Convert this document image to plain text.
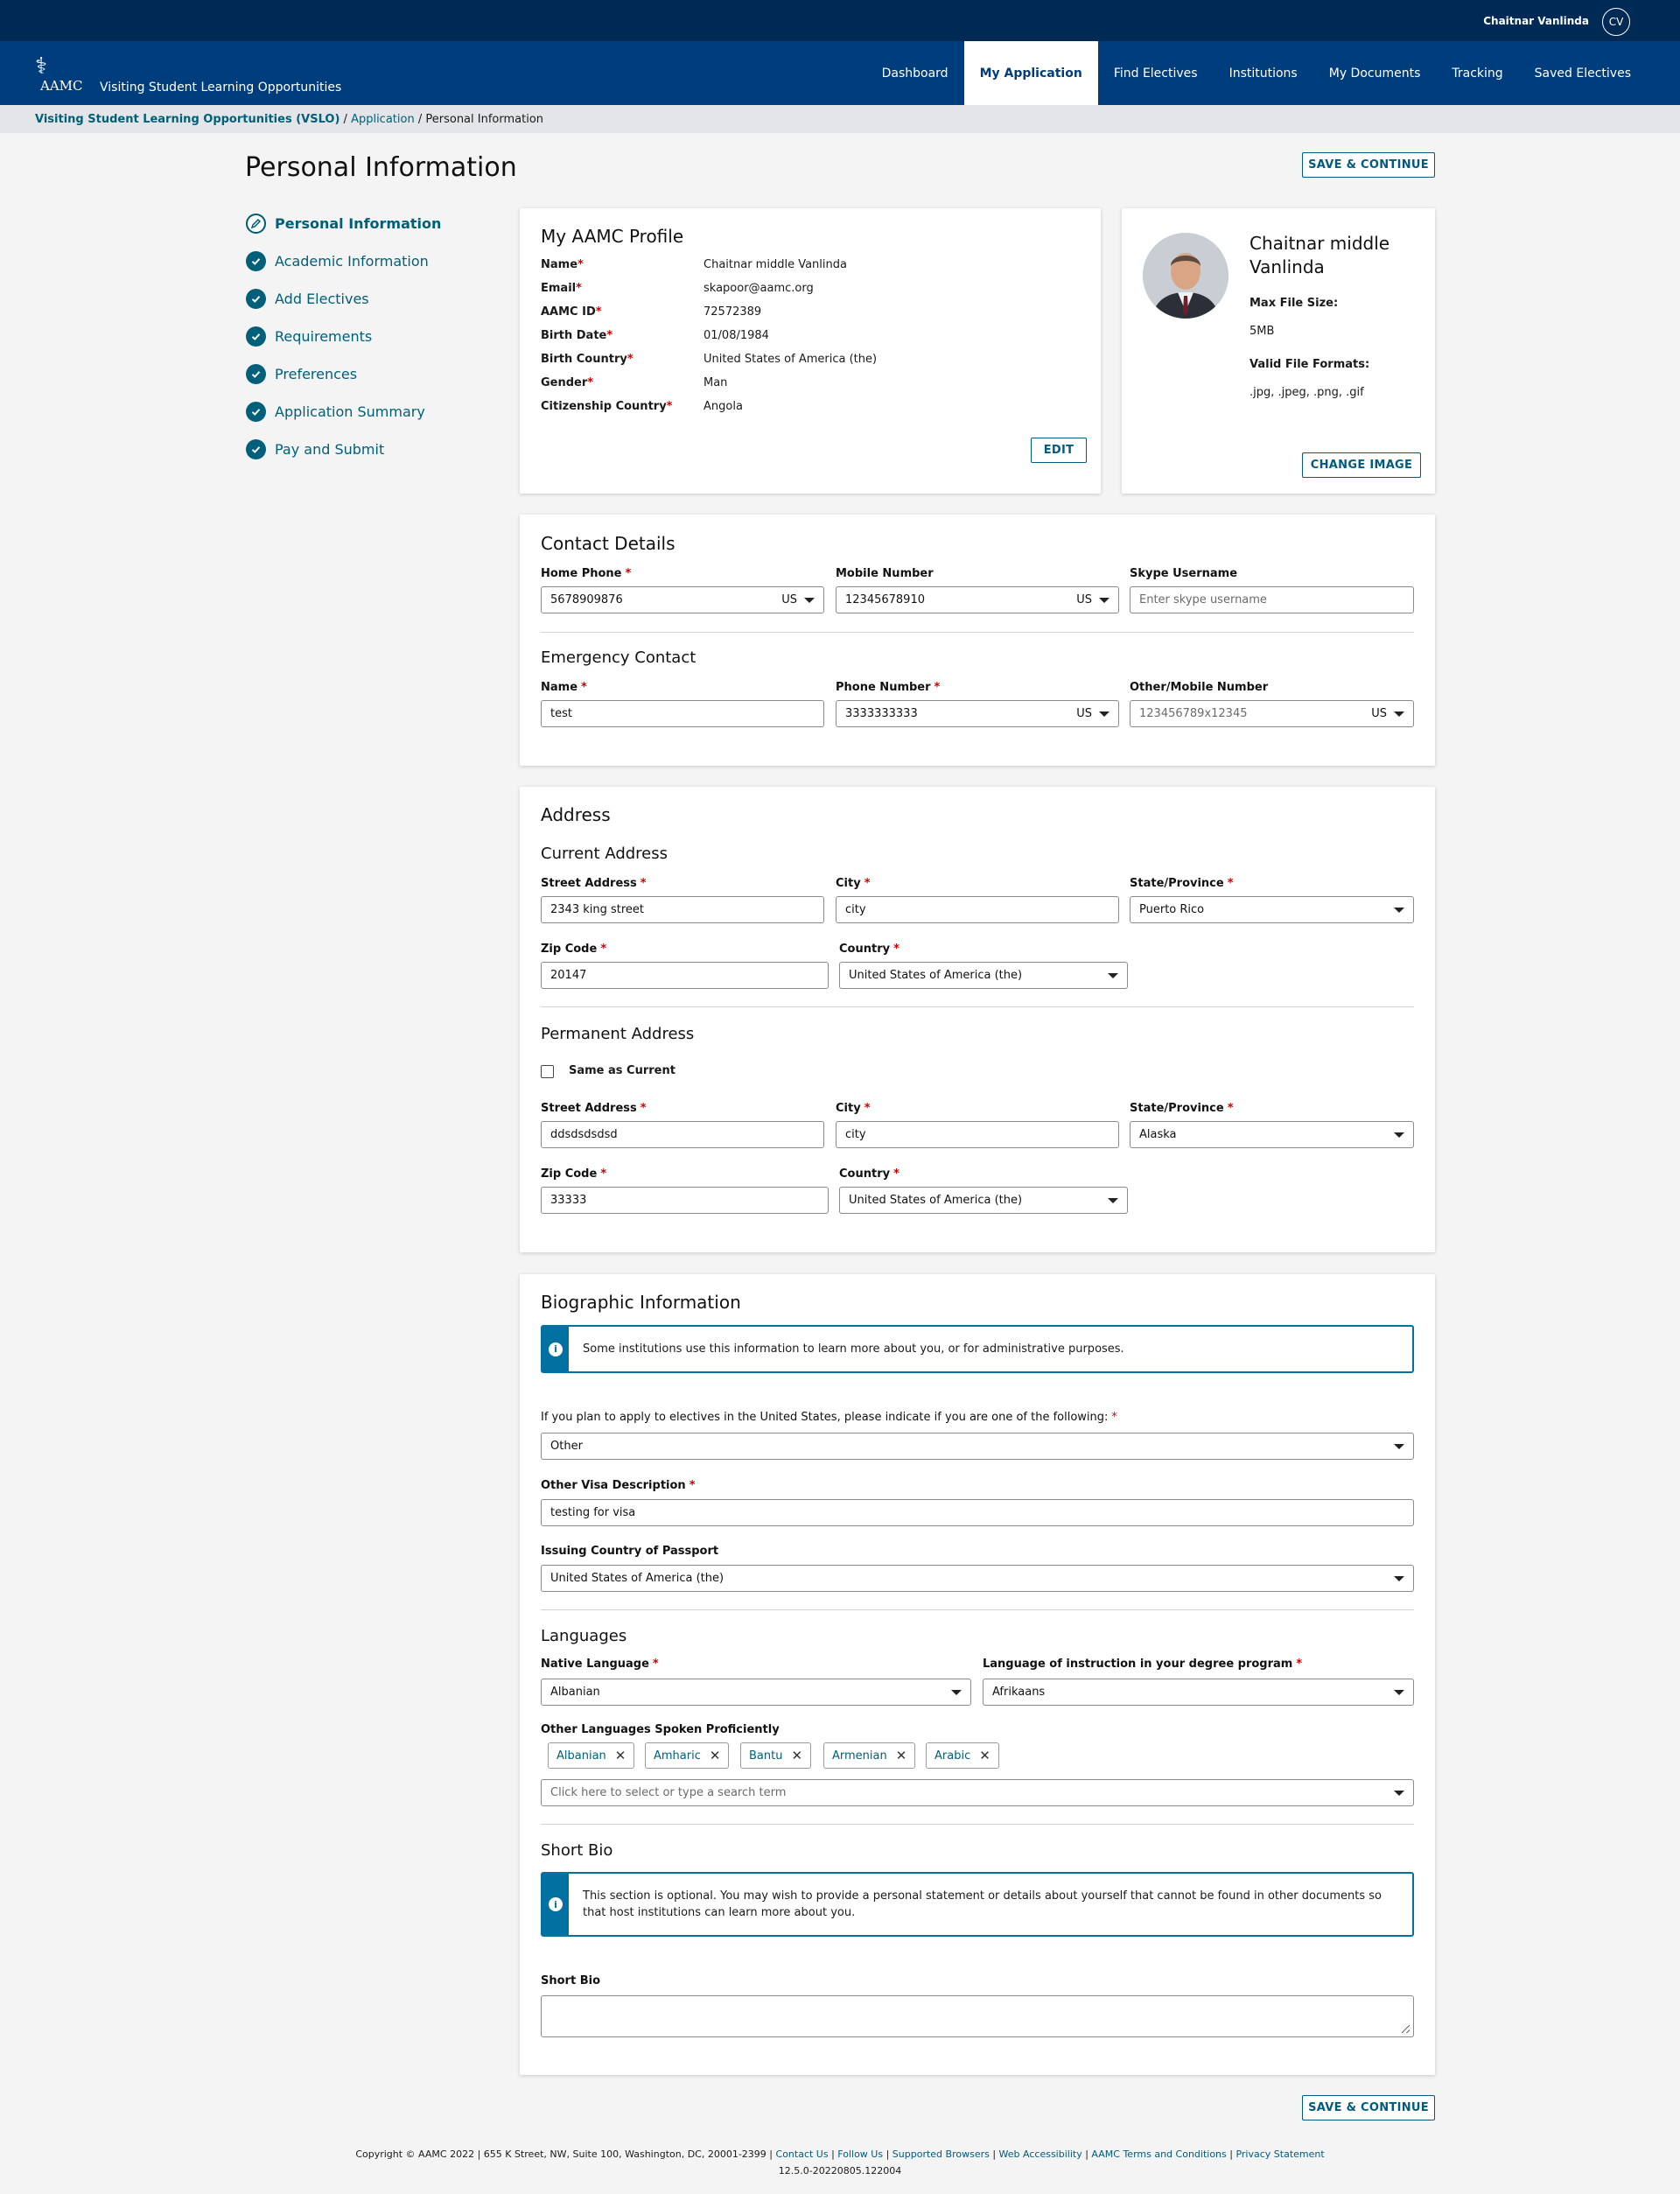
Chaitnar Vanlinda	CV
⚕
AAMC Visiting Student Learning Opportunities
Dashboard	My Application	Find Electives	Institutions	My Documents	Tracking	Saved Electives
Visiting Student Learning Opportunities (VSLO) / Application / Personal Information
Personal Information	SAVE & CONTINUE
Personal Information
Academic Information
Add Electives
Requirements
Preferences
Application Summary
Pay and Submit
My AAMC Profile
Name*	Chaitnar middle Vanlinda
Email*	skapoor@aamc.org
AAMC ID*	72572389
Birth Date*	01/08/1984
Birth Country*	United States of America (the)
Gender*	Man
Citizenship Country*	Angola
EDIT
Chaitnar middle
Vanlinda
Max File Size:
5MB
Valid File Formats:
.jpg, .jpeg, .png, .gif
CHANGE IMAGE
Contact Details
Home Phone *
5678909876	US
Mobile Number
12345678910	US
Skype Username
Enter skype username
Emergency Contact
Name *
test
Phone Number *
3333333333	US
Other/Mobile Number
123456789x12345	US
Address
Current Address
Street Address *
2343 king street
City *
city
State/Province *
Puerto Rico
Zip Code *
20147
Country *
United States of America (the)
Permanent Address
Same as Current
Street Address *
ddsdsdsdsd
City *
city
State/Province *
Alaska
Zip Code *
33333
Country *
United States of America (the)
Biographic Information
i	Some institutions use this information to learn more about you, or for administrative purposes.
If you plan to apply to electives in the United States, please indicate if you are one of the following: *
Other
Other Visa Description *
testing for visa
Issuing Country of Passport
United States of America (the)
Languages
Native Language *
Albanian
Language of instruction in your degree program *
Afrikaans
Other Languages Spoken Proficiently
Albanian ✕ Amharic ✕	Bantu ✕	Armenian ✕ Arabic ✕
Click here to select or type a search term
Short Bio
i
This section is optional. You may wish to provide a personal statement or details about yourself that cannot be found in other documents so that host institutions can learn more about you.
Short Bio
SAVE & CONTINUE
Copyright © AAMC 2022 | 655 K Street, NW, Suite 100, Washington, DC, 20001-2399 | Contact Us | Follow Us | Supported Browsers | Web Accessibility | AAMC Terms and Conditions | Privacy Statement
12.5.0-20220805.122004
